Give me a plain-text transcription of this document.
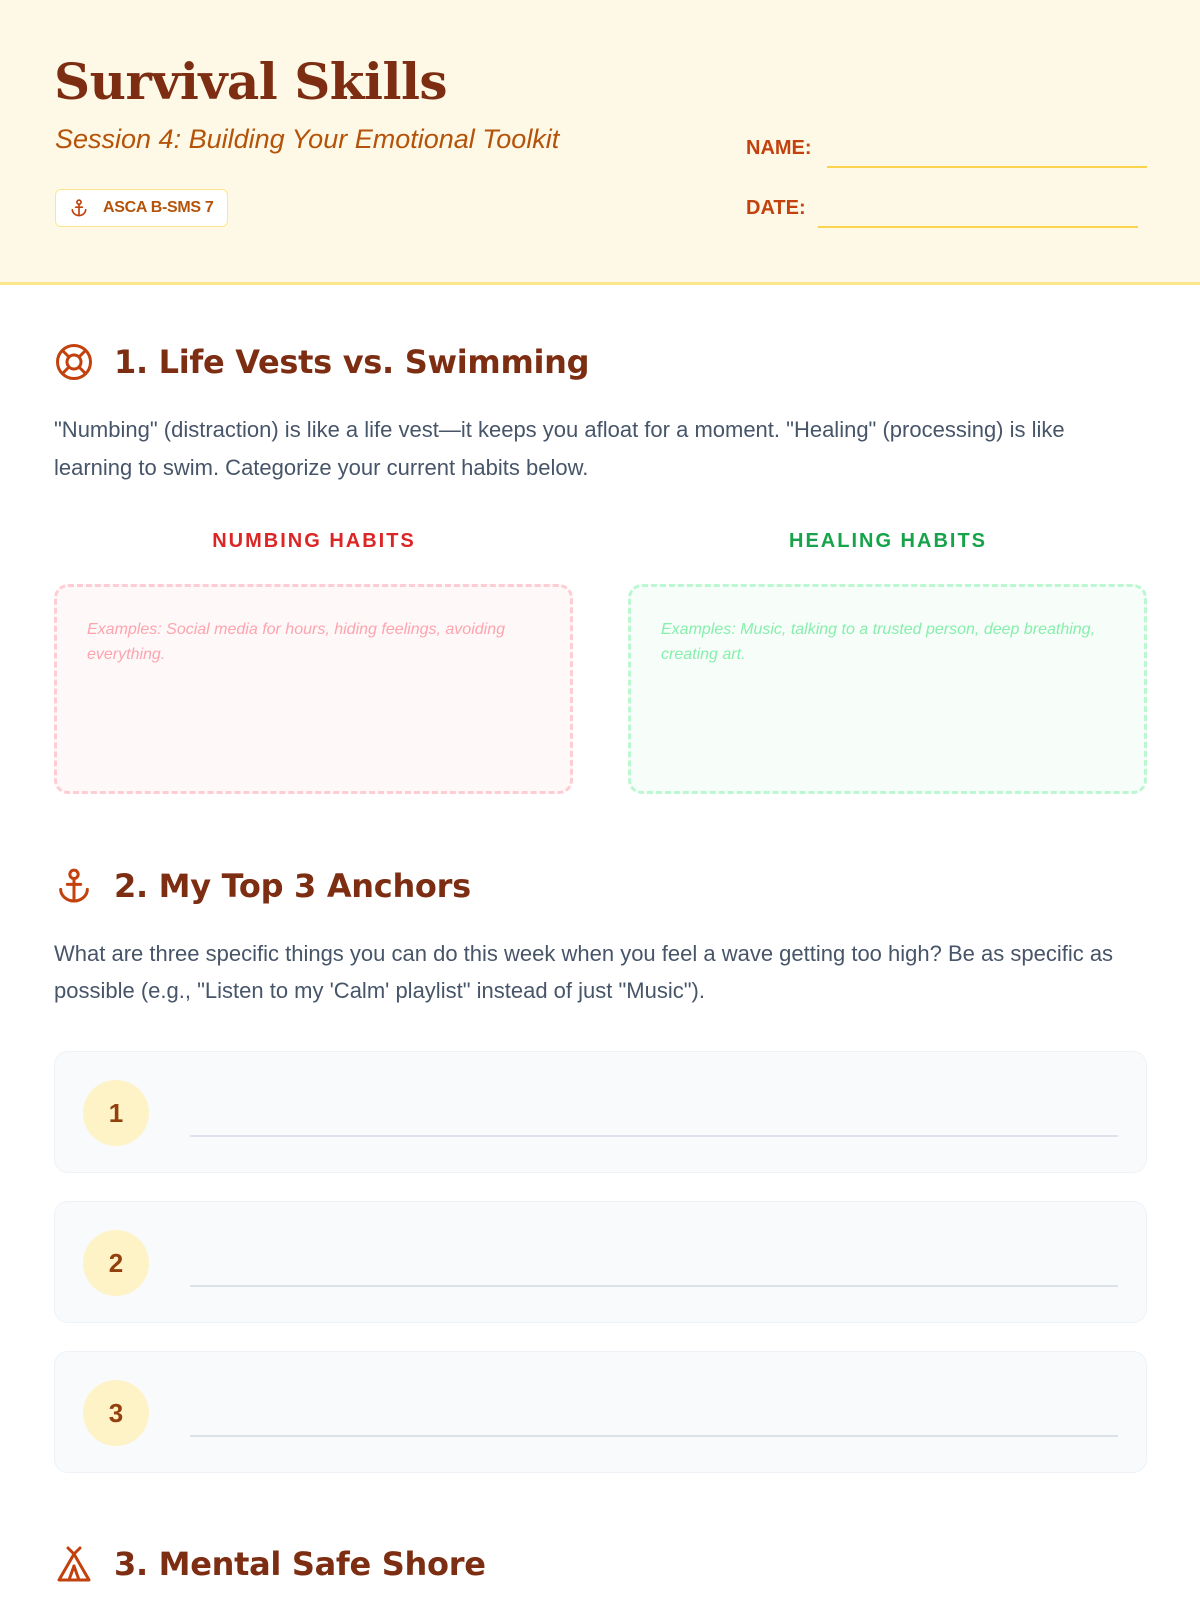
Survival Skills
Session 4: Building Your Emotional Toolkit
ASCA B-SMS 7
NAME:
DATE:
1. Life Vests vs. Swimming
"Numbing" (distraction) is like a life vest—it keeps you afloat for a moment. "Healing" (processing) is like learning to swim. Categorize your current habits below.
NUMBING HABITS	HEALING HABITS
Examples: Social media for hours, hiding feelings, avoiding everything.
Examples: Music, talking to a trusted person, deep breathing, creating art.
2. My Top 3 Anchors
What are three specific things you can do this week when you feel a wave getting too high? Be as specific as possible (e.g., "Listen to my 'Calm' playlist" instead of just "Music").
1
2
3
3. Mental Safe Shore
